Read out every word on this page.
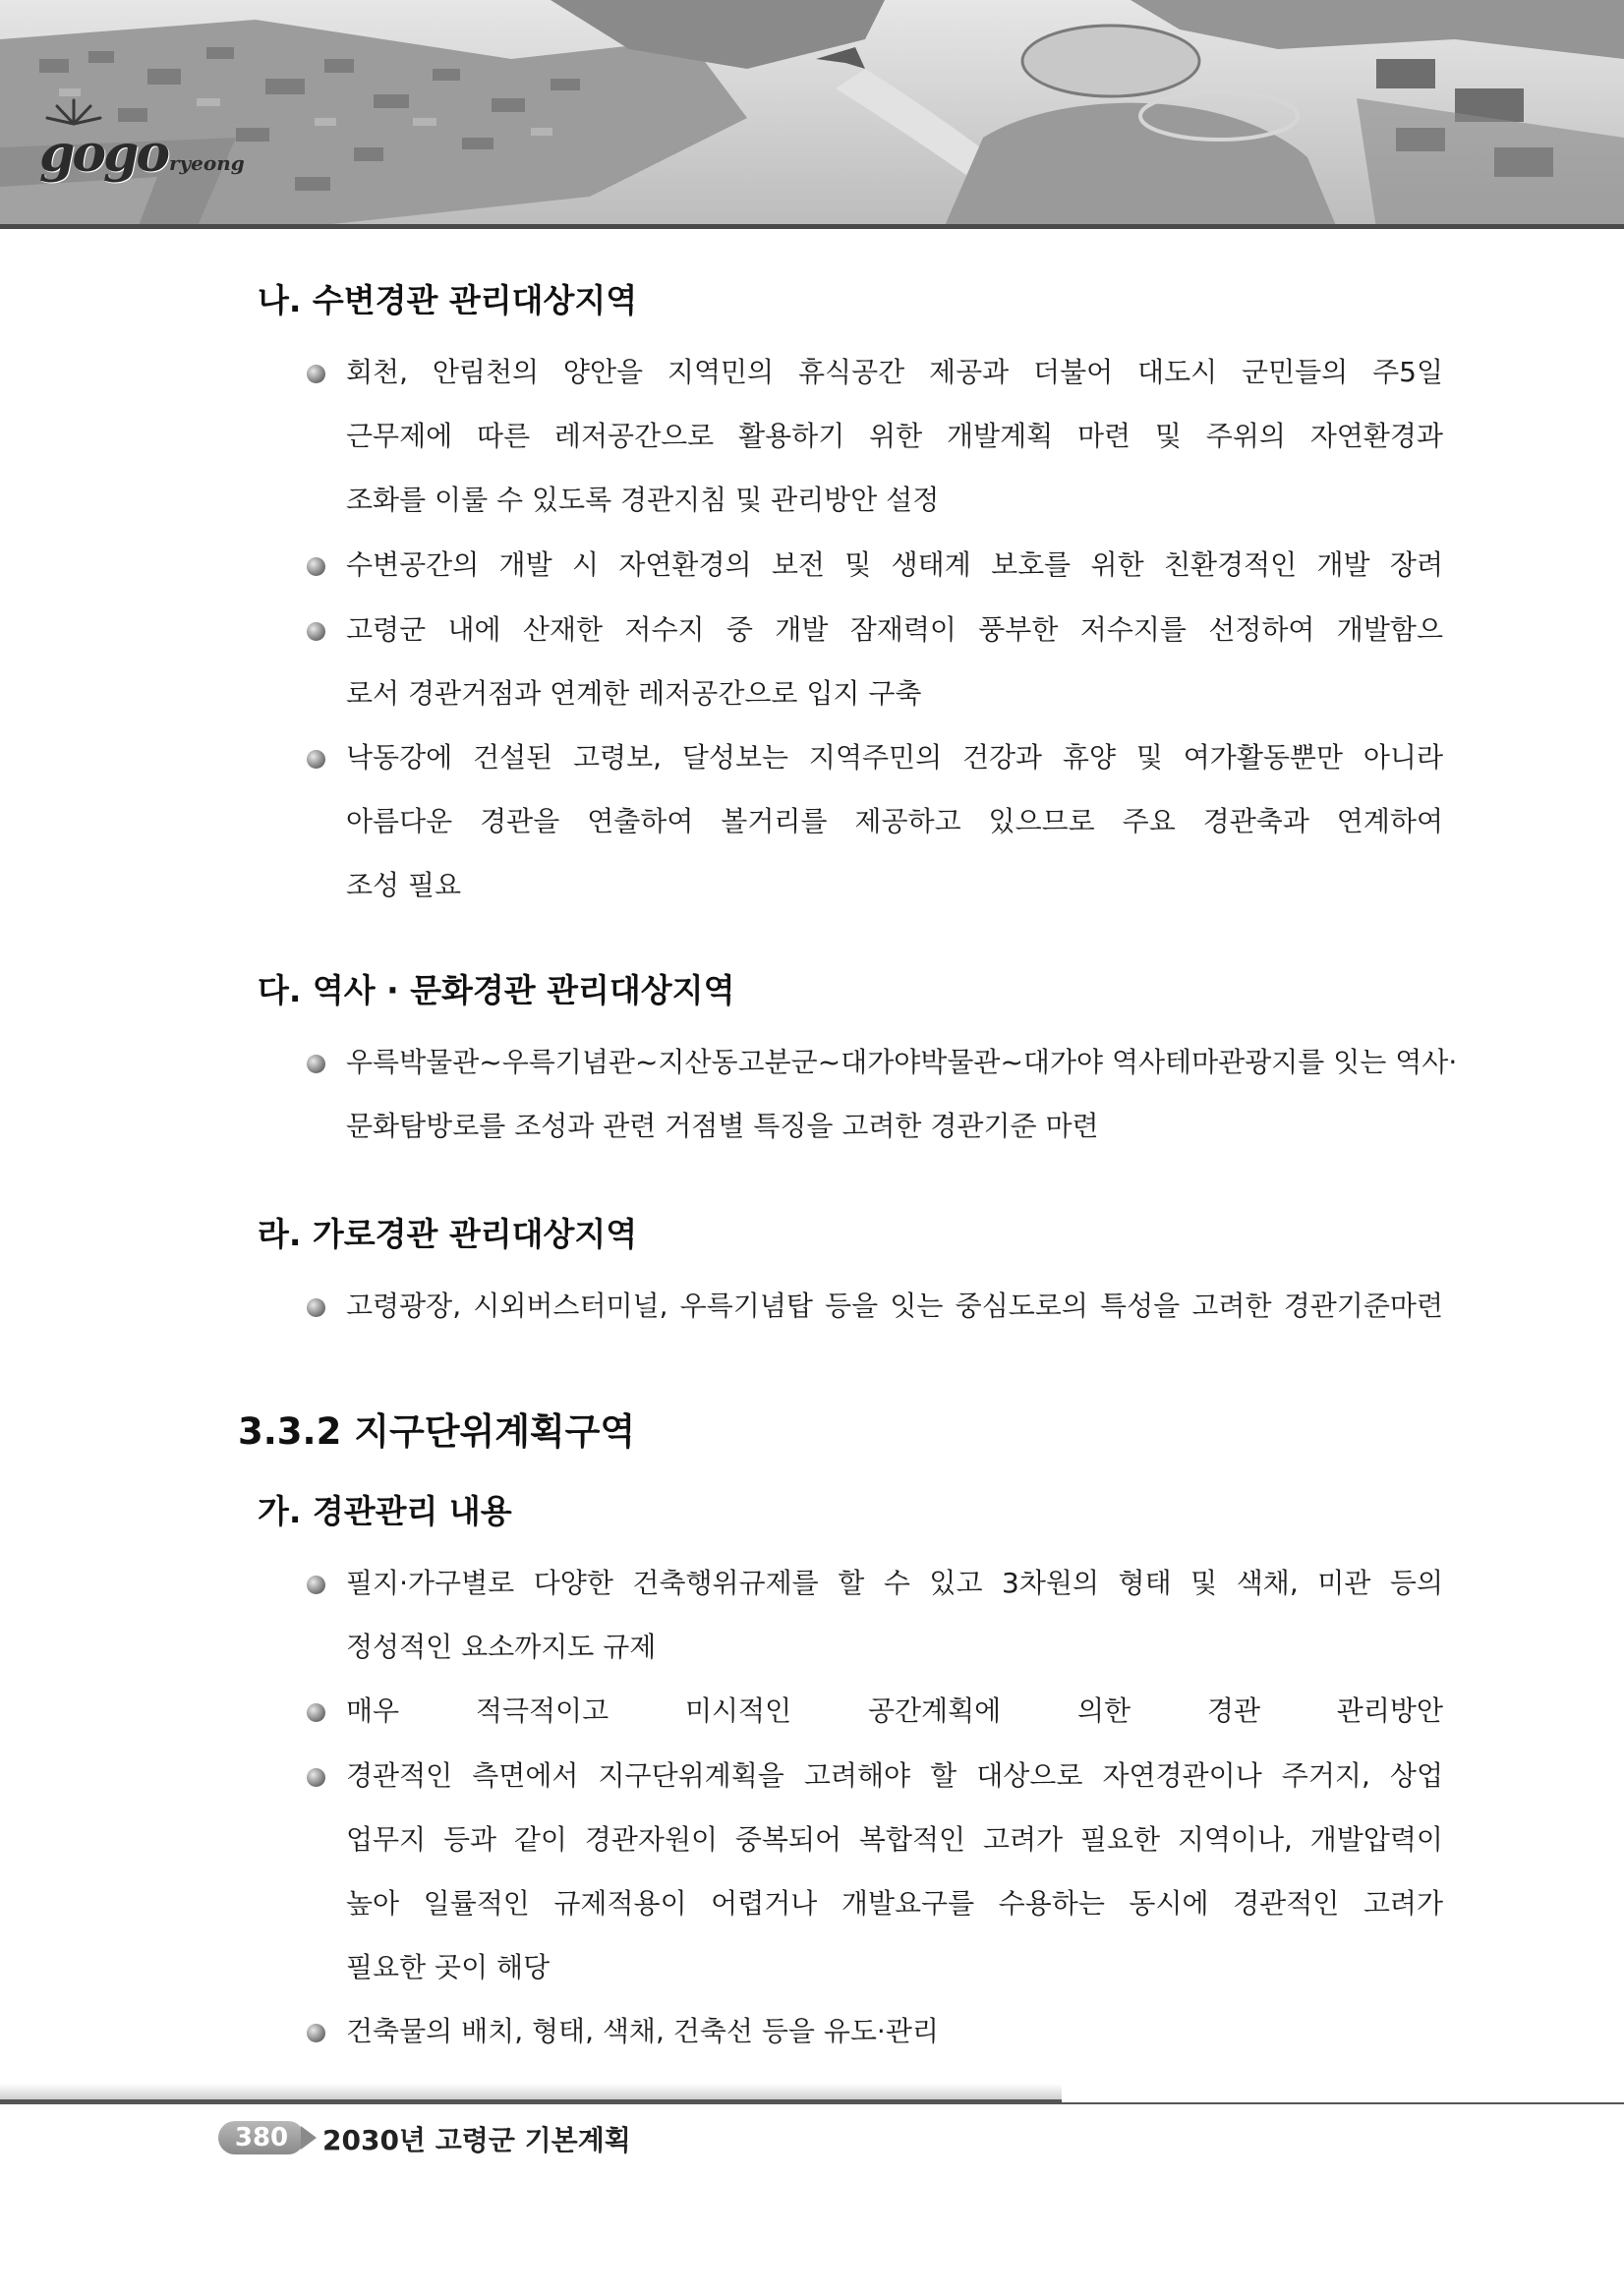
gogo ryeong
나. 수변경관 관리대상지역
회천, 안림천의 양안을 지역민의 휴식공간 제공과 더불어 대도시 군민들의 주5일
근무제에 따른 레저공간으로 활용하기 위한 개발계획 마련 및 주위의 자연환경과
조화를 이룰 수 있도록 경관지침 및 관리방안 설정
수변공간의 개발 시 자연환경의 보전 및 생태계 보호를 위한 친환경적인 개발 장려
고령군 내에 산재한 저수지 중 개발 잠재력이 풍부한 저수지를 선정하여 개발함으
로서 경관거점과 연계한 레저공간으로 입지 구축
낙동강에 건설된 고령보, 달성보는 지역주민의 건강과 휴양 및 여가활동뿐만 아니라
아름다운 경관을 연출하여 볼거리를 제공하고 있으므로 주요 경관축과 연계하여
조성 필요
다. 역사 · 문화경관 관리대상지역
우륵박물관~우륵기념관~지산동고분군~대가야박물관~대가야 역사테마관광지를 잇는 역사·
문화탐방로를 조성과 관련 거점별 특징을 고려한 경관기준 마련
라. 가로경관 관리대상지역
고령광장, 시외버스터미널, 우륵기념탑 등을 잇는 중심도로의 특성을 고려한 경관기준마련
3.3.2 지구단위계획구역
가. 경관관리 내용
필지·가구별로 다양한 건축행위규제를 할 수 있고 3차원의 형태 및 색채, 미관 등의
정성적인 요소까지도 규제
매우 적극적이고 미시적인 공간계획에 의한 경관 관리방안
경관적인 측면에서 지구단위계획을 고려해야 할 대상으로 자연경관이나 주거지, 상업
업무지 등과 같이 경관자원이 중복되어 복합적인 고려가 필요한 지역이나, 개발압력이
높아 일률적인 규제적용이 어렵거나 개발요구를 수용하는 동시에 경관적인 고려가
필요한 곳이 해당
건축물의 배치, 형태, 색채, 건축선 등을 유도·관리
380	2030년 고령군 기본계획
